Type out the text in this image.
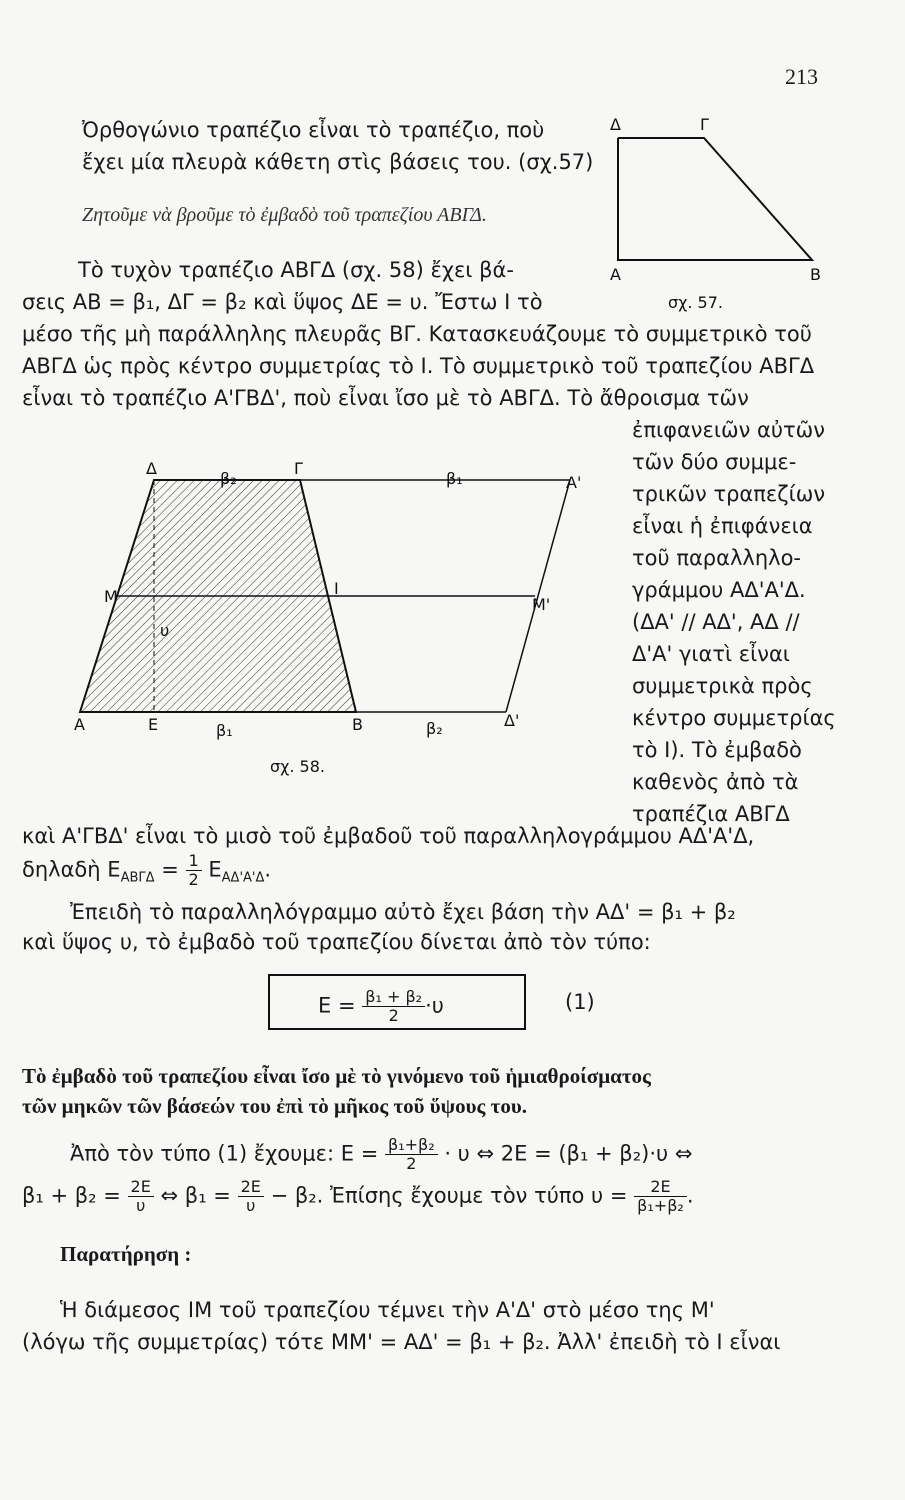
213
Ὀρθογώνιο τραπέζιο εἶναι τὸ τραπέζιο, ποὺ
ἔχει μία πλευρὰ κάθετη στὶς βάσεις του. (σχ.57)
Ζητοῦμε νὰ βροῦμε τὸ ἐμβαδὸ τοῦ τραπεζίου ΑΒΓΔ.
Τὸ τυχὸν τραπέζιο ΑΒΓΔ (σχ. 58) ἔχει βά-
σεις ΑΒ = β₁, ΔΓ = β₂ καὶ ὕψος ΔΕ = υ. Ἔστω Ι τὸ
μέσο τῆς μὴ παράλληλης πλευρᾶς ΒΓ. Κατασκευάζουμε τὸ συμμετρικὸ τοῦ
ΑΒΓΔ ὡς πρὸς κέντρο συμμετρίας τὸ Ι. Τὸ συμμετρικὸ τοῦ τραπεζίου ΑΒΓΔ
εἶναι τὸ τραπέζιο Α'ΓΒΔ', ποὺ εἶναι ἴσο μὲ τὸ ΑΒΓΔ. Τὸ ἄθροισμα τῶν
Δ	Γ
Α	Β
σχ. 57.
Δ
β₂
Γ
β₁	Α'
Μ	Ι
Μ'
υ
Α	Ε	β₁	Β	β₂	Δ'
σχ. 58.
ἐπιφανειῶν αὐτῶν
τῶν δύο συμμε-
τρικῶν τραπεζίων
εἶναι ἡ ἐπιφάνεια
τοῦ παραλληλο-
γράμμου ΑΔ'Α'Δ.
(ΔΑ' // ΑΔ', ΑΔ //
Δ'Α' γιατὶ εἶναι
συμμετρικὰ πρὸς
κέντρο συμμετρίας
τὸ Ι). Τὸ ἐμβαδὸ
καθενὸς ἀπὸ τὰ
τραπέζια ΑΒΓΔ
καὶ Α'ΓΒΔ' εἶναι τὸ μισὸ τοῦ ἐμβαδοῦ τοῦ παραλληλογράμμου ΑΔ'Α'Δ,
δηλαδὴ $E_{AB\Gamma\Delta} = \frac{1}{2} E_{A\Delta'A'\Delta}$.
Ἐπειδὴ τὸ παραλληλόγραμμο αὐτὸ ἔχει βάση τὴν ΑΔ' = β₁ + β₂
καὶ ὕψος υ, τὸ ἐμβαδὸ τοῦ τραπεζίου δίνεται ἀπὸ τὸν τύπο:
$E = \frac{\text{β₁ + β₂}}{2} \cdot\upsilon$	(1)
Τὸ ἐμβαδὸ τοῦ τραπεζίου εἶναι ἴσο μὲ τὸ γινόμενο τοῦ ἡμιαθροίσματος
τῶν μηκῶν τῶν βάσεών του ἐπὶ τὸ μῆκος τοῦ ὕψους του.
Ἀπὸ τὸν τύπο (1) ἔχουμε: $E = \frac{\text{β₁+β₂}}{2} \cdot \upsilon$ ⇔ 2Ε = (β₁ + β₂)·υ ⇔
$\beta_1 + \beta_2 = \frac{2E}{\upsilon}$ ⇔ $\beta_1 = \frac{2E}{\upsilon} - \beta_2$. Ἐπίσης ἔχουμε τὸν τύπο $\upsilon = \frac{2E}{\text{β₁+β₂}}$ .
Παρατήρηση :
Ἡ διάμεσος ΙΜ τοῦ τραπεζίου τέμνει τὴν Α'Δ' στὸ μέσο της Μ'
(λόγω τῆς συμμετρίας) τότε ΜΜ' = ΑΔ' = β₁ + β₂. Ἀλλ' ἐπειδὴ τὸ Ι εἶναι
